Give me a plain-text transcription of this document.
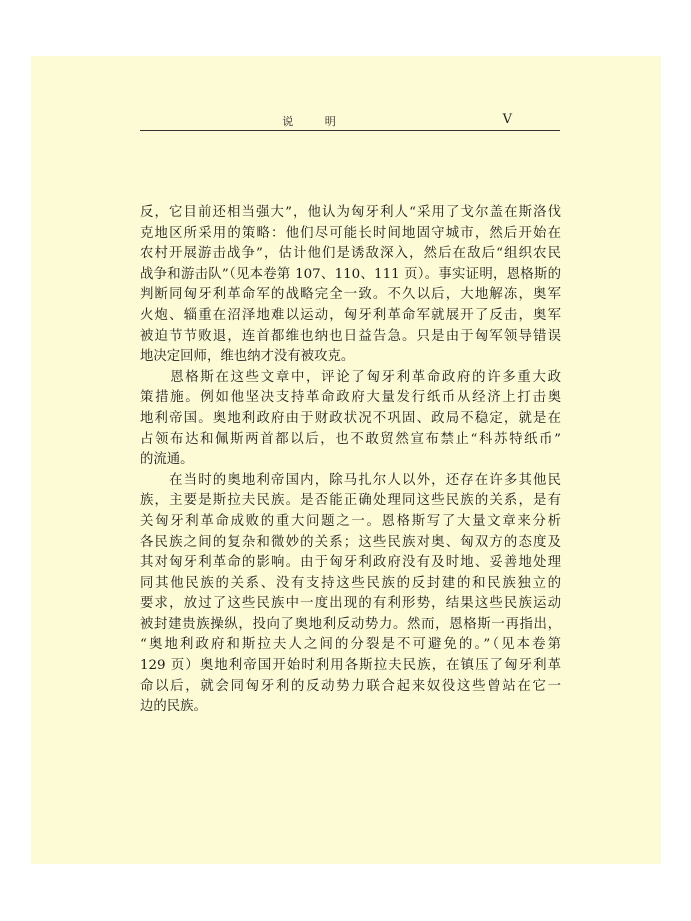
说 明	V

反，它目前还相当强大”，他认为匈牙利人“采用了戈尔盖在斯洛伐
克地区所采用的策略：他们尽可能长时间地固守城市，然后开始在
农村开展游击战争”，估计他们是诱敌深入，然后在敌后“组织农民
战争和游击队”（见本卷第 107、110、111 页）。事实证明，恩格斯的
判断同匈牙利革命军的战略完全一致。不久以后，大地解冻，奥军
火炮、辎重在沼泽地难以运动，匈牙利革命军就展开了反击，奥军
被迫节节败退，连首都维也纳也日益告急。只是由于匈军领导错误
地决定回师，维也纳才没有被攻克。

　　恩格斯在这些文章中，评论了匈牙利革命政府的许多重大政
策措施。例如他坚决支持革命政府大量发行纸币从经济上打击奥
地利帝国。奥地利政府由于财政状况不巩固、政局不稳定，就是在
占领布达和佩斯两首都以后，也不敢贸然宣布禁止“科苏特纸币”
的流通。

　　在当时的奥地利帝国内，除马扎尔人以外，还存在许多其他民
族，主要是斯拉夫民族。是否能正确处理同这些民族的关系，是有
关匈牙利革命成败的重大问题之一。恩格斯写了大量文章来分析
各民族之间的复杂和微妙的关系；这些民族对奥、匈双方的态度及
其对匈牙利革命的影响。由于匈牙利政府没有及时地、妥善地处理
同其他民族的关系、没有支持这些民族的反封建的和民族独立的
要求，放过了这些民族中一度出现的有利形势，结果这些民族运动
被封建贵族操纵，投向了奥地利反动势力。然而，恩格斯一再指出，
“奥地利政府和斯拉夫人之间的分裂是不可避免的。”（见本卷第
129 页）奥地利帝国开始时利用各斯拉夫民族，在镇压了匈牙利革
命以后，就会同匈牙利的反动势力联合起来奴役这些曾站在它一
边的民族。
